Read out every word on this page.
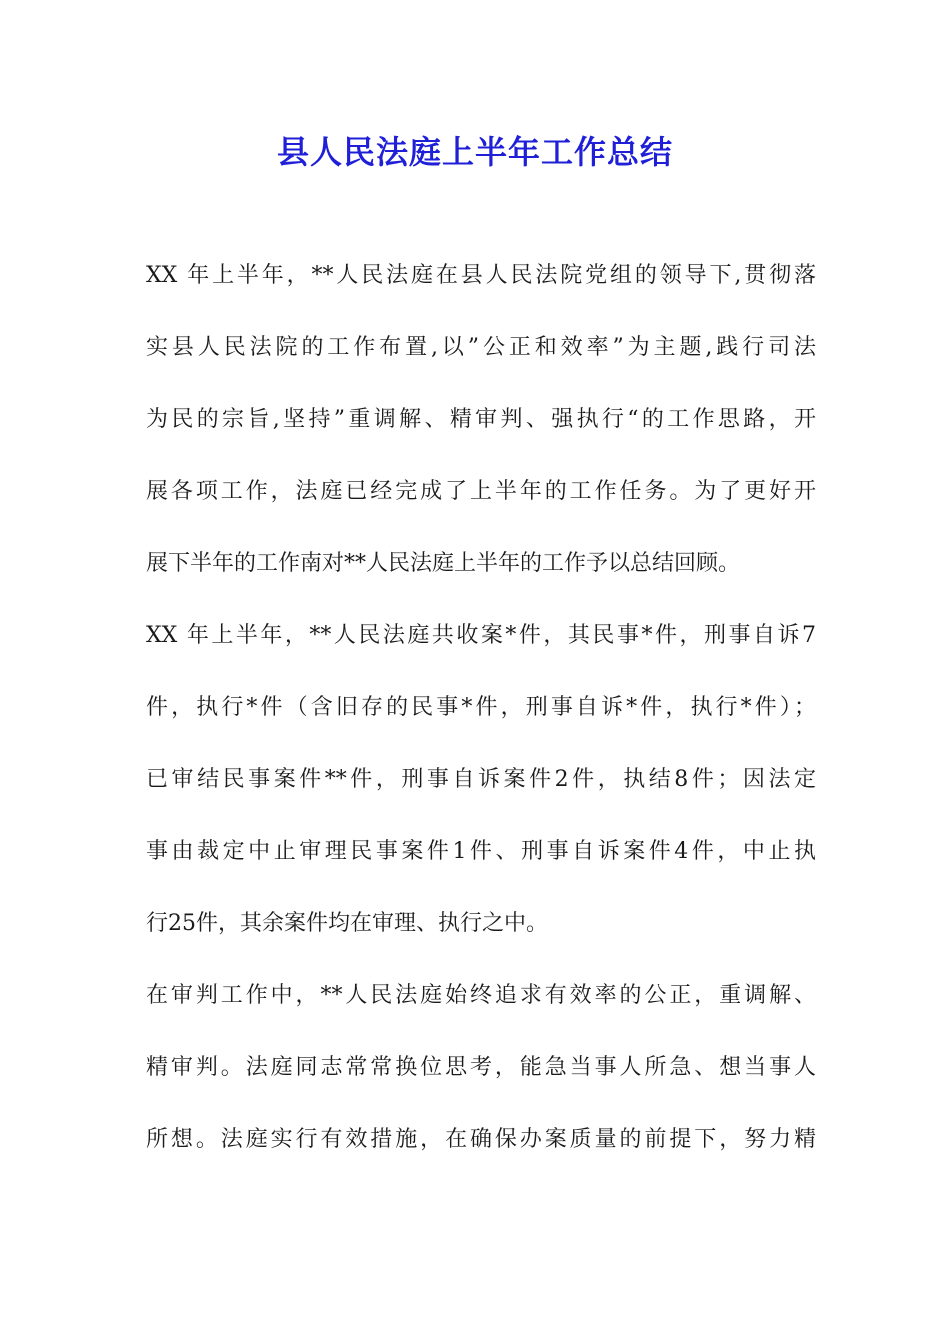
县人民法庭上半年工作总结
XX 年上半年，**人民法庭在县人民法院党组的领导下,贯彻落
实县人民法院的工作布置,以”公正和效率”为主题,践行司法
为民的宗旨,坚持”重调解、精审判、强执行“的工作思路，开
展各项工作，法庭已经完成了上半年的工作任务。为了更好开
展下半年的工作南对**人民法庭上半年的工作予以总结回顾。
XX 年上半年，**人民法庭共收案*件，其民事*件，刑事自诉7
件，执行*件（含旧存的民事*件，刑事自诉*件，执行*件）；
已审结民事案件**件，刑事自诉案件2件，执结8件；因法定
事由裁定中止审理民事案件1件、刑事自诉案件4件，中止执
行25件，其余案件均在审理、执行之中。
在审判工作中，**人民法庭始终追求有效率的公正，重调解、
精审判。法庭同志常常换位思考，能急当事人所急、想当事人
所想。法庭实行有效措施，在确保办案质量的前提下，努力精
